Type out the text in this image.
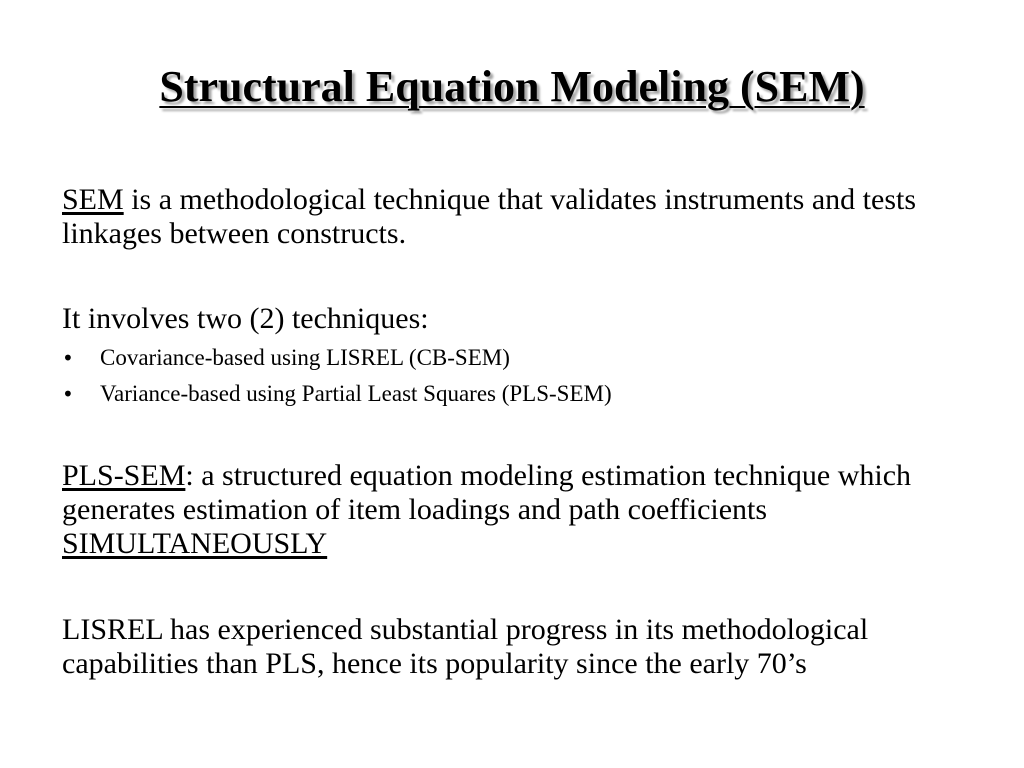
Structural Equation Modeling (SEM)

SEM is a methodological technique that validates instruments and tests linkages between constructs.

It involves two (2) techniques:

• Covariance-based using LISREL (CB-SEM)
• Variance-based using Partial Least Squares (PLS-SEM)

PLS-SEM: a structured equation modeling estimation technique which generates estimation of item loadings and path coefficients SIMULTANEOUSLY

LISREL has experienced substantial progress in its methodological capabilities than PLS, hence its popularity since the early 70’s
